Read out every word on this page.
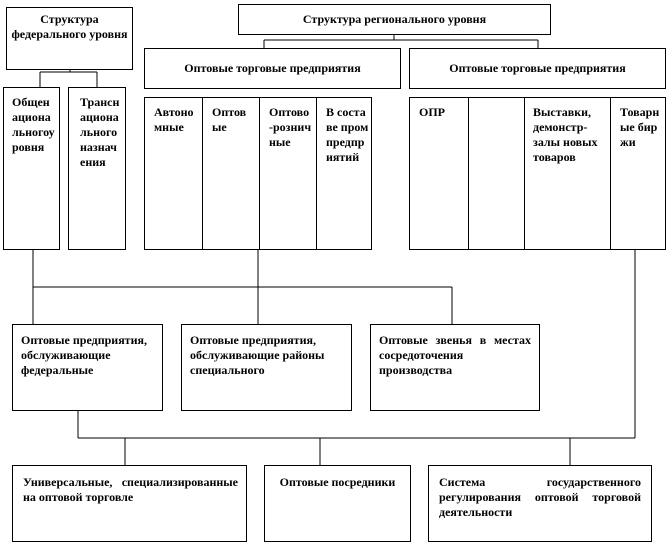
Структура федерального уровня
Общенациональногоуровня
Транснациональногоназначения
Структура регионального уровня
Оптовые торговые предприятия	Оптовые торговые предприятия
Автономные
Оптовые
Оптово-розничные
В составе промпредприятий
ОПР	Выставки, демонстр-залы новых товаров
Товарные биржи
Оптовые предприятия, обслуживающие федеральные
Оптовые предприятия, обслуживающие районы специального
Оптовые звенья в местах сосредоточения производства
Универсальные, специализированные на оптовой торговле
Оптовые посредники	Система государственного регулирования оптовой торговой деятельности
